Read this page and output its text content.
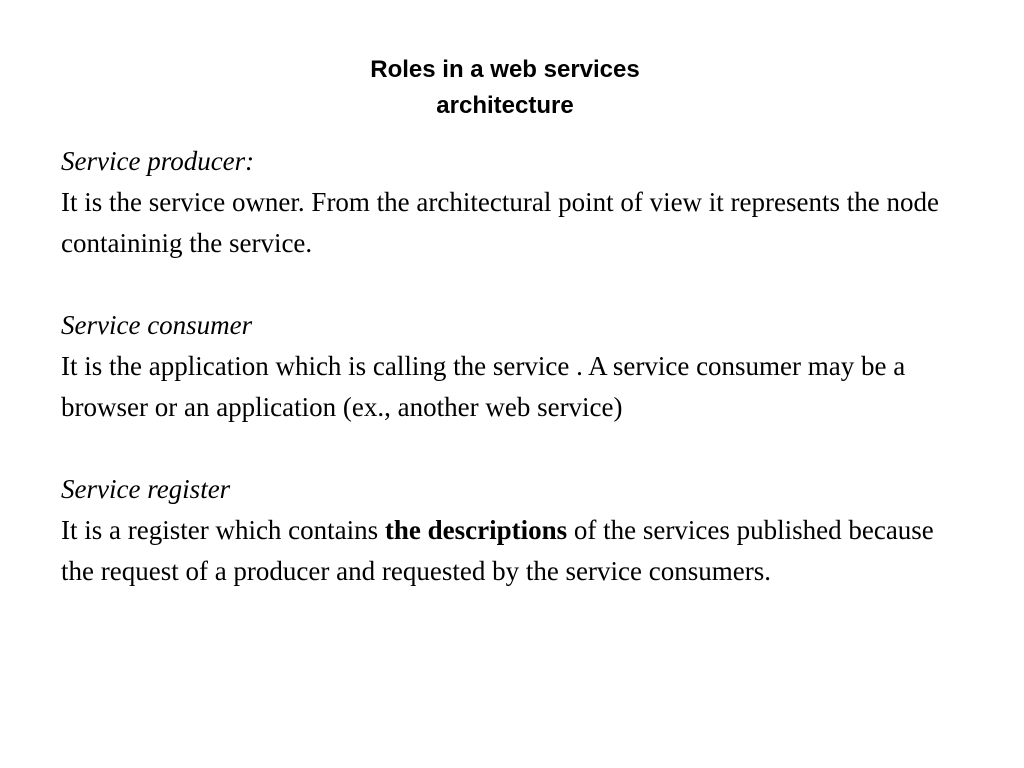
Roles in a web services
architecture
Service producer:
It is the service owner. From the architectural point of view it represents the node containinig the service.
Service consumer
It is the application which is calling the service . A service consumer may be a browser or an application (ex., another web service)
Service register
It is a register which contains the descriptions of the services published because the request of a producer and requested by the service consumers.
